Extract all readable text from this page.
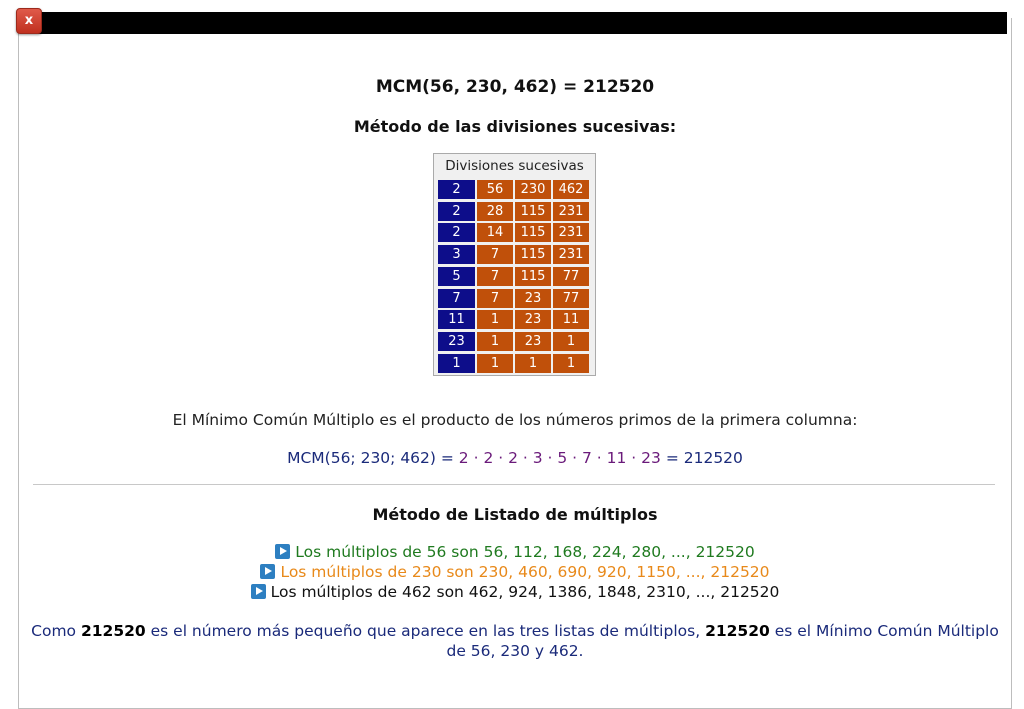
x
MCM(56, 230, 462) = 212520
Método de las divisiones sucesivas:
Divisiones sucesivas
2	56	230	462
2	28	115	231
2	14	115	231
3	7	115	231
5	7	115	77
7	7	23	77
11	1	23	11
23	1	23	1
1	1	1	1
El Mínimo Común Múltiplo es el producto de los números primos de la primera columna:
MCM(56; 230; 462) = 2 · 2 · 2 · 3 · 5 · 7 · 11 · 23 = 212520
Método de Listado de múltiplos
Los múltiplos de 56 son 56, 112, 168, 224, 280, ..., 212520
Los múltiplos de 230 son 230, 460, 690, 920, 1150, ..., 212520
Los múltiplos de 462 son 462, 924, 1386, 1848, 2310, ..., 212520
Como 212520 es el número más pequeño que aparece en las tres listas de múltiplos, 212520 es el Mínimo Común Múltiplo de 56, 230 y 462.
